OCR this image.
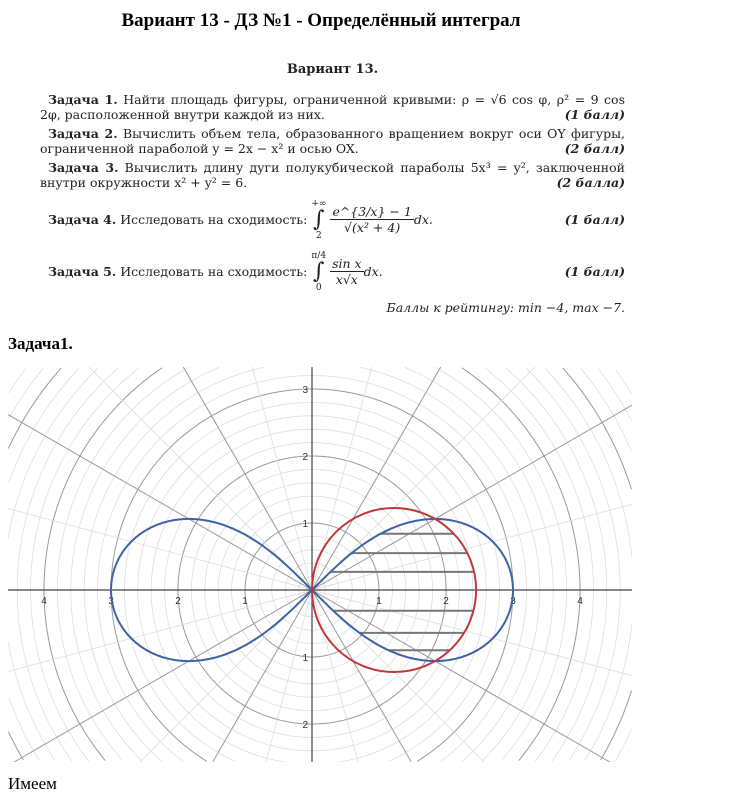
Вариант 13 - ДЗ №1 - Определённый интеграл
Вариант 13.
Задача 1. Найти площадь фигуры, ограниченной кривыми: ρ = √6 cos φ, ρ² = 9 cos 2φ, расположенной внутри каждой из них.	(1 балл)
Задача 2. Вычислить объем тела, образованного вращением вокруг оси OY фигуры, ограниченной параболой y = 2x − x² и осью OX.	(2 балл)
Задача 3. Вычислить длину дуги полукубической параболы 5x³ = y², заключенной внутри окружности x² + y² = 6.	(2 балла)
Задача 4.
Исследовать на сходимость:
+∞
∫
$2 \frac{e\^{}\{3/x\} - 1}{\text{√(x² + 4)}}$ dx.	(1 балл)
Задача 5.
Исследовать на сходимость:
π/4
∫
$0 \frac{\text{sin x}}{x√x}$ dx.	(1 балл)
Баллы к рейтингу: min −4, max −7.
Задача1.
4	3	2	1	1	2	3	4
3
2
1
1
2
Имеем
